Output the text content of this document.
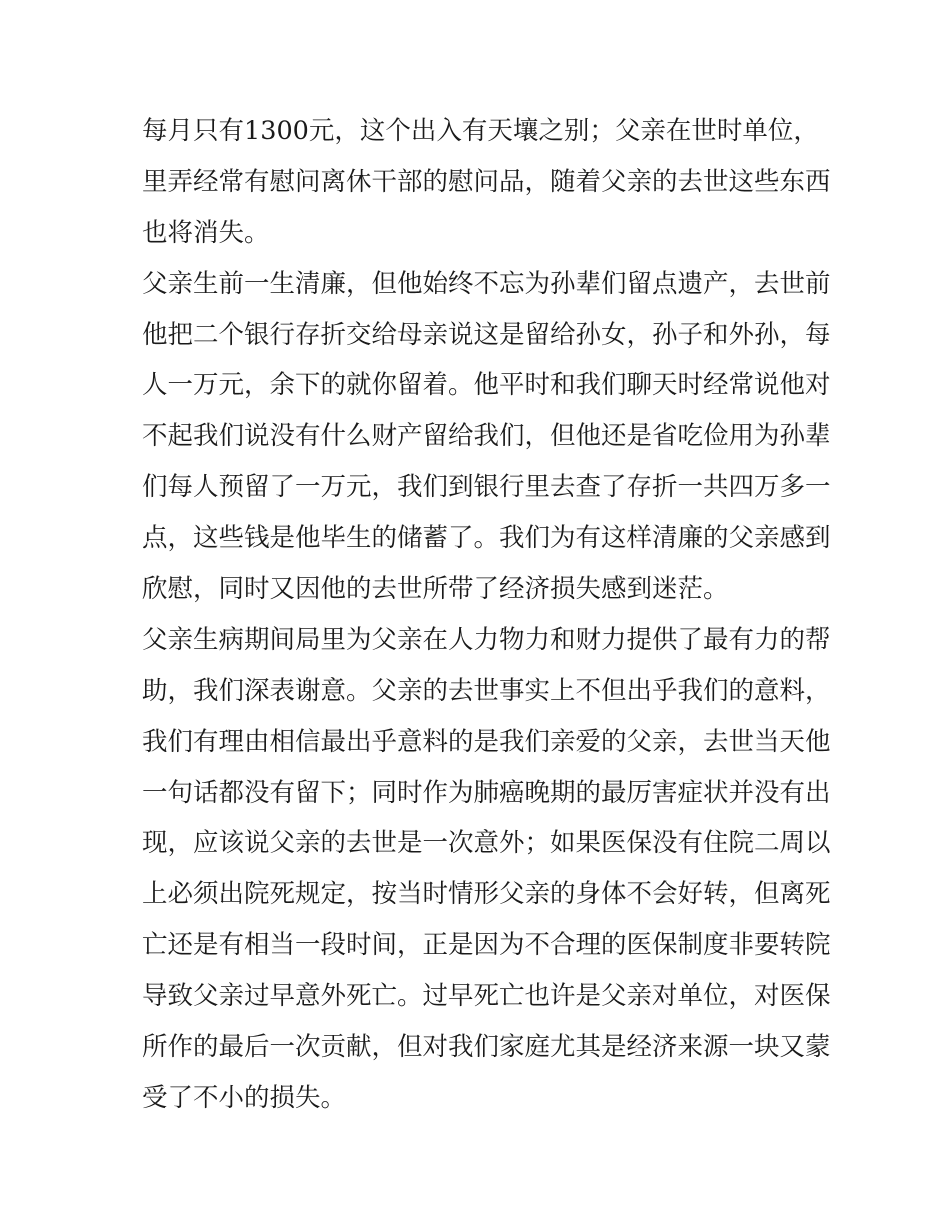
每月只有1300元，这个出入有天壤之别；父亲在世时单位，
里弄经常有慰问离休干部的慰问品，随着父亲的去世这些东西
也将消失。
父亲生前一生清廉，但他始终不忘为孙辈们留点遗产，去世前
他把二个银行存折交给母亲说这是留给孙女，孙子和外孙，每
人一万元，余下的就你留着。他平时和我们聊天时经常说他对
不起我们说没有什么财产留给我们，但他还是省吃俭用为孙辈
们每人预留了一万元，我们到银行里去查了存折一共四万多一
点，这些钱是他毕生的储蓄了。我们为有这样清廉的父亲感到
欣慰，同时又因他的去世所带了经济损失感到迷茫。
父亲生病期间局里为父亲在人力物力和财力提供了最有力的帮
助，我们深表谢意。父亲的去世事实上不但出乎我们的意料，
我们有理由相信最出乎意料的是我们亲爱的父亲，去世当天他
一句话都没有留下；同时作为肺癌晚期的最厉害症状并没有出
现，应该说父亲的去世是一次意外；如果医保没有住院二周以
上必须出院死规定，按当时情形父亲的身体不会好转，但离死
亡还是有相当一段时间，正是因为不合理的医保制度非要转院
导致父亲过早意外死亡。过早死亡也许是父亲对单位，对医保
所作的最后一次贡献，但对我们家庭尤其是经济来源一块又蒙
受了不小的损失。
